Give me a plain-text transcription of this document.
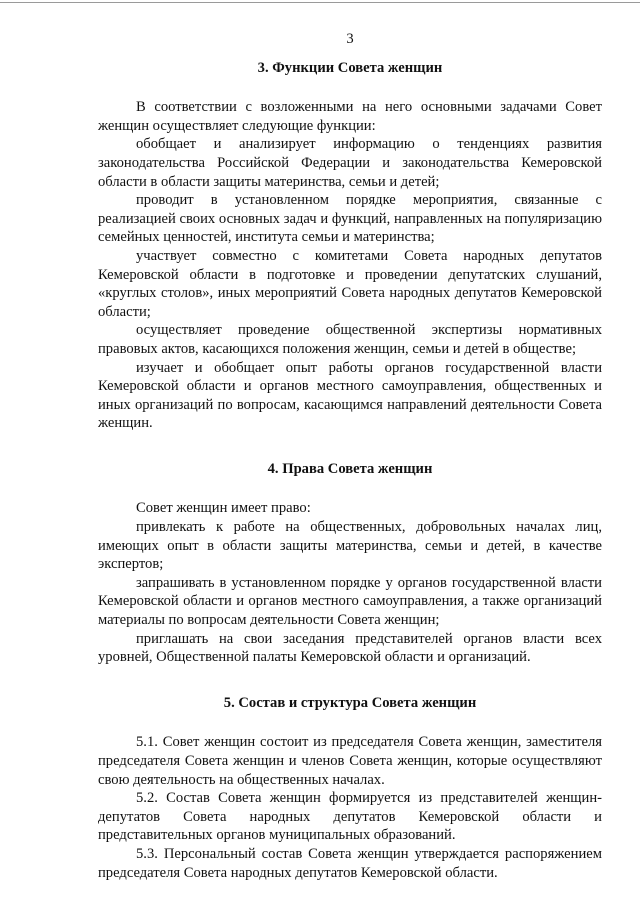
3
3. Функции Совета женщин

В соответствии с возложенными на него основными задачами Совет женщин осуществляет следующие функции:

обобщает и анализирует информацию о тенденциях развития законодательства Российской Федерации и законодательства Кемеровской области в области защиты материнства, семьи и детей;

проводит в установленном порядке мероприятия, связанные с реализацией своих основных задач и функций, направленных на популяризацию семейных ценностей, института семьи и материнства;

участвует совместно с комитетами Совета народных депутатов Кемеровской области в подготовке и проведении депутатских слушаний, «круглых столов», иных мероприятий Совета народных депутатов Кемеровской области;

осуществляет проведение общественной экспертизы нормативных правовых актов, касающихся положения женщин, семьи и детей в обществе;

изучает и обобщает опыт работы органов государственной власти Кемеровской области и органов местного самоуправления, общественных и иных организаций по вопросам, касающимся направлений деятельности Совета женщин.

4. Права Совета женщин

Совет женщин имеет право:

привлекать к работе на общественных, добровольных началах лиц, имеющих опыт в области защиты материнства, семьи и детей, в качестве экспертов;

запрашивать в установленном порядке у органов государственной власти Кемеровской области и органов местного самоуправления, а также организаций материалы по вопросам деятельности Совета женщин;

приглашать на свои заседания представителей органов власти всех уровней, Общественной палаты Кемеровской области и организаций.

5. Состав и структура Совета женщин

5.1. Совет женщин состоит из председателя Совета женщин, заместителя председателя Совета женщин и членов Совета женщин, которые осуществляют свою деятельность на общественных началах.

5.2. Состав Совета женщин формируется из представителей женщин-депутатов Совета народных депутатов Кемеровской области и представительных органов муниципальных образований.

5.3. Персональный состав Совета женщин утверждается распоряжением председателя Совета народных депутатов Кемеровской области.
